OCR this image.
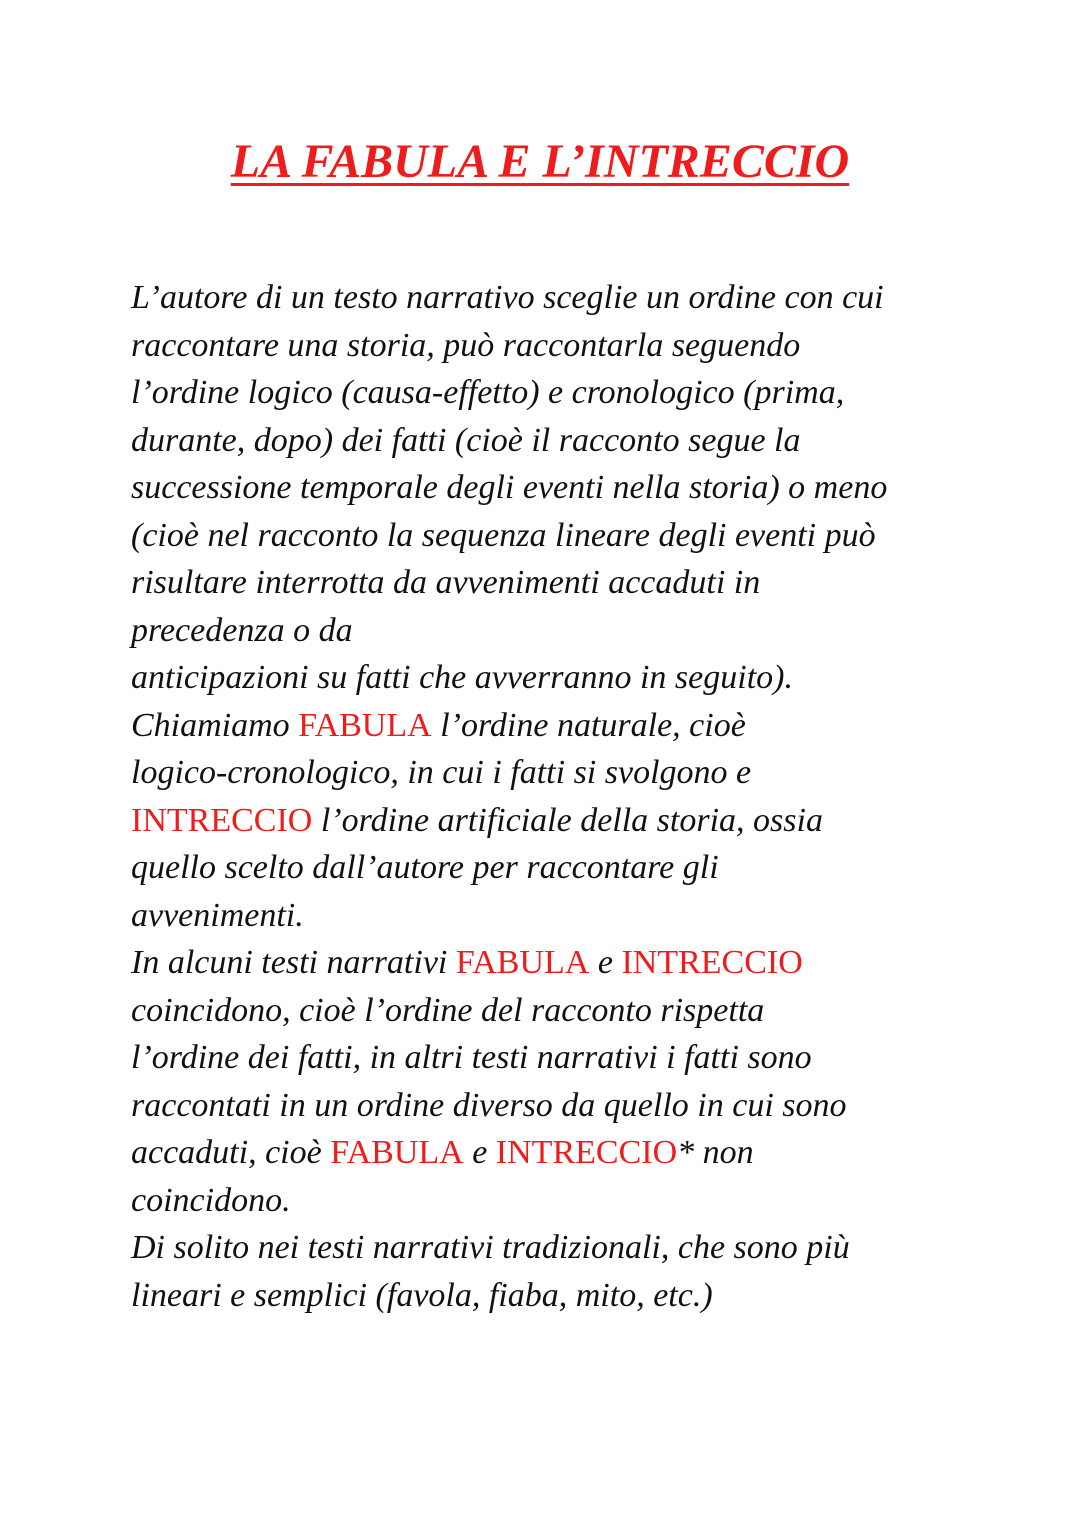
LA FABULA E L’INTRECCIO
L’autore di un testo narrativo sceglie un ordine con cui
raccontare una storia, può raccontarla seguendo
l’ordine logico (causa-effetto) e cronologico (prima,
durante, dopo) dei fatti (cioè il racconto segue la
successione temporale degli eventi nella storia) o meno
(cioè nel racconto la sequenza lineare degli eventi può
risultare interrotta da avvenimenti accaduti in
precedenza o da
anticipazioni su fatti che avverranno in seguito).
Chiamiamo FABULA l’ordine naturale, cioè
logico-cronologico, in cui i fatti si svolgono e
INTRECCIO l’ordine artificiale della storia, ossia
quello scelto dall’autore per raccontare gli
avvenimenti.
In alcuni testi narrativi FABULA e INTRECCIO
coincidono, cioè l’ordine del racconto rispetta
l’ordine dei fatti, in altri testi narrativi i fatti sono
raccontati in un ordine diverso da quello in cui sono
accaduti, cioè FABULA e INTRECCIO* non
coincidono.
Di solito nei testi narrativi tradizionali, che sono più
lineari e semplici (favola, fiaba, mito, etc.)
